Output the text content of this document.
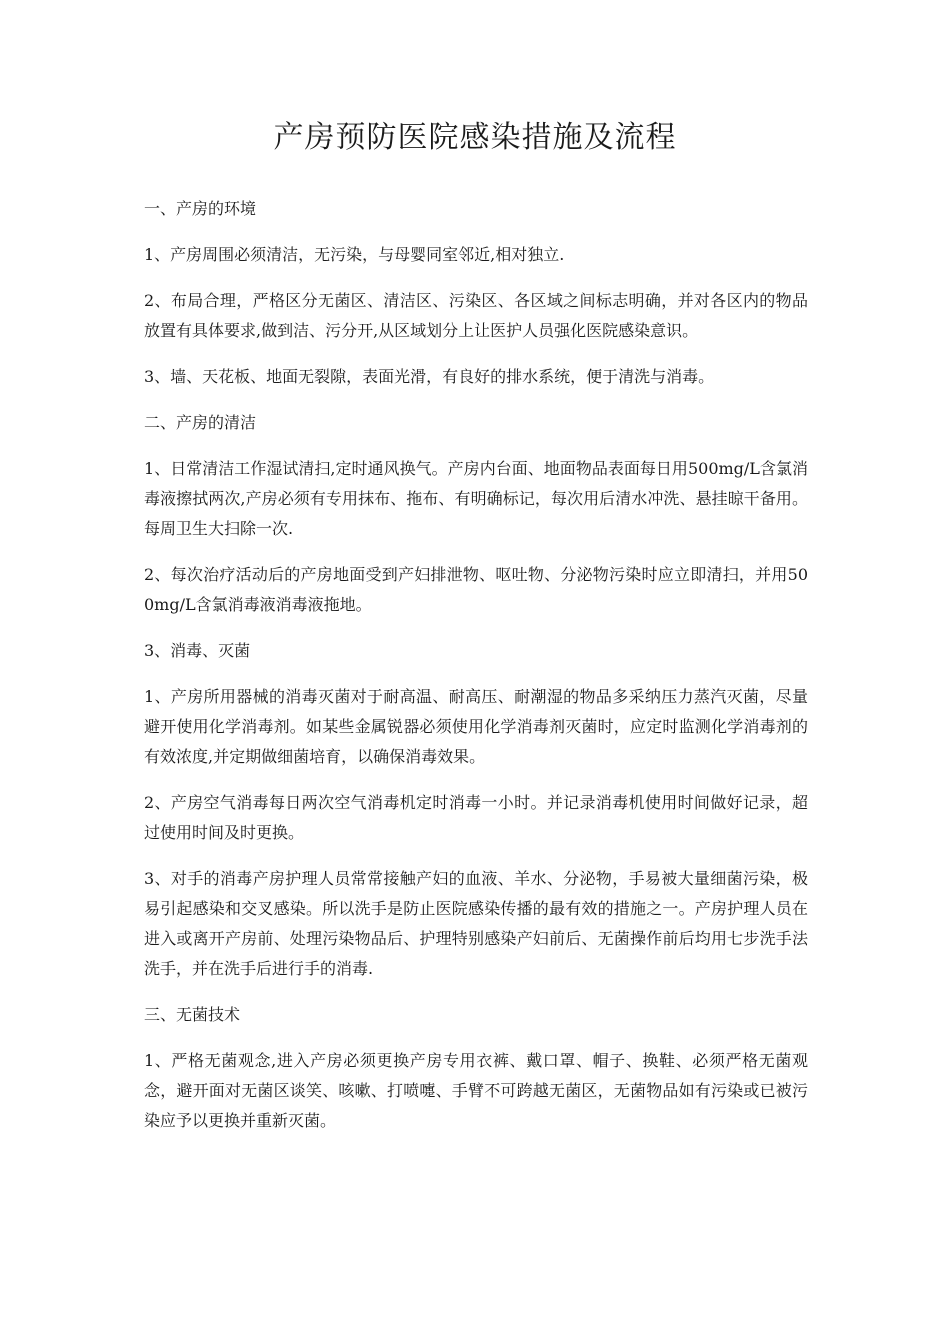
产房预防医院感染措施及流程

一、产房的环境

1、产房周围必须清洁，无污染，与母婴同室邻近,相对独立.

2、布局合理，严格区分无菌区、清洁区、污染区、各区域之间标志明确，并对各区内的物品放置有具体要求,做到洁、污分开,从区域划分上让医护人员强化医院感染意识。

3、墙、天花板、地面无裂隙，表面光滑，有良好的排水系统，便于清洗与消毒。

二、产房的清洁

1、日常清洁工作湿试清扫,定时通风换气。产房内台面、地面物品表面每日用500mg/L含氯消毒液擦拭两次,产房必须有专用抹布、拖布、有明确标记，每次用后清水冲洗、悬挂晾干备用。每周卫生大扫除一次.

2、每次治疗活动后的产房地面受到产妇排泄物、呕吐物、分泌物污染时应立即清扫，并用500mg/L含氯消毒液消毒液拖地。

3、消毒、灭菌

1、产房所用器械的消毒灭菌对于耐高温、耐高压、耐潮湿的物品多采纳压力蒸汽灭菌，尽量避开使用化学消毒剂。如某些金属锐器必须使用化学消毒剂灭菌时，应定时监测化学消毒剂的有效浓度,并定期做细菌培育，以确保消毒效果。

2、产房空气消毒每日两次空气消毒机定时消毒一小时。并记录消毒机使用时间做好记录，超过使用时间及时更换。

3、对手的消毒产房护理人员常常接触产妇的血液、羊水、分泌物，手易被大量细菌污染，极易引起感染和交叉感染。所以洗手是防止医院感染传播的最有效的措施之一。产房护理人员在进入或离开产房前、处理污染物品后、护理特别感染产妇前后、无菌操作前后均用七步洗手法洗手，并在洗手后进行手的消毒.

三、无菌技术

1、严格无菌观念,进入产房必须更换产房专用衣裤、戴口罩、帽子、换鞋、必须严格无菌观念，避开面对无菌区谈笑、咳嗽、打喷嚏、手臂不可跨越无菌区，无菌物品如有污染或已被污染应予以更换并重新灭菌。
